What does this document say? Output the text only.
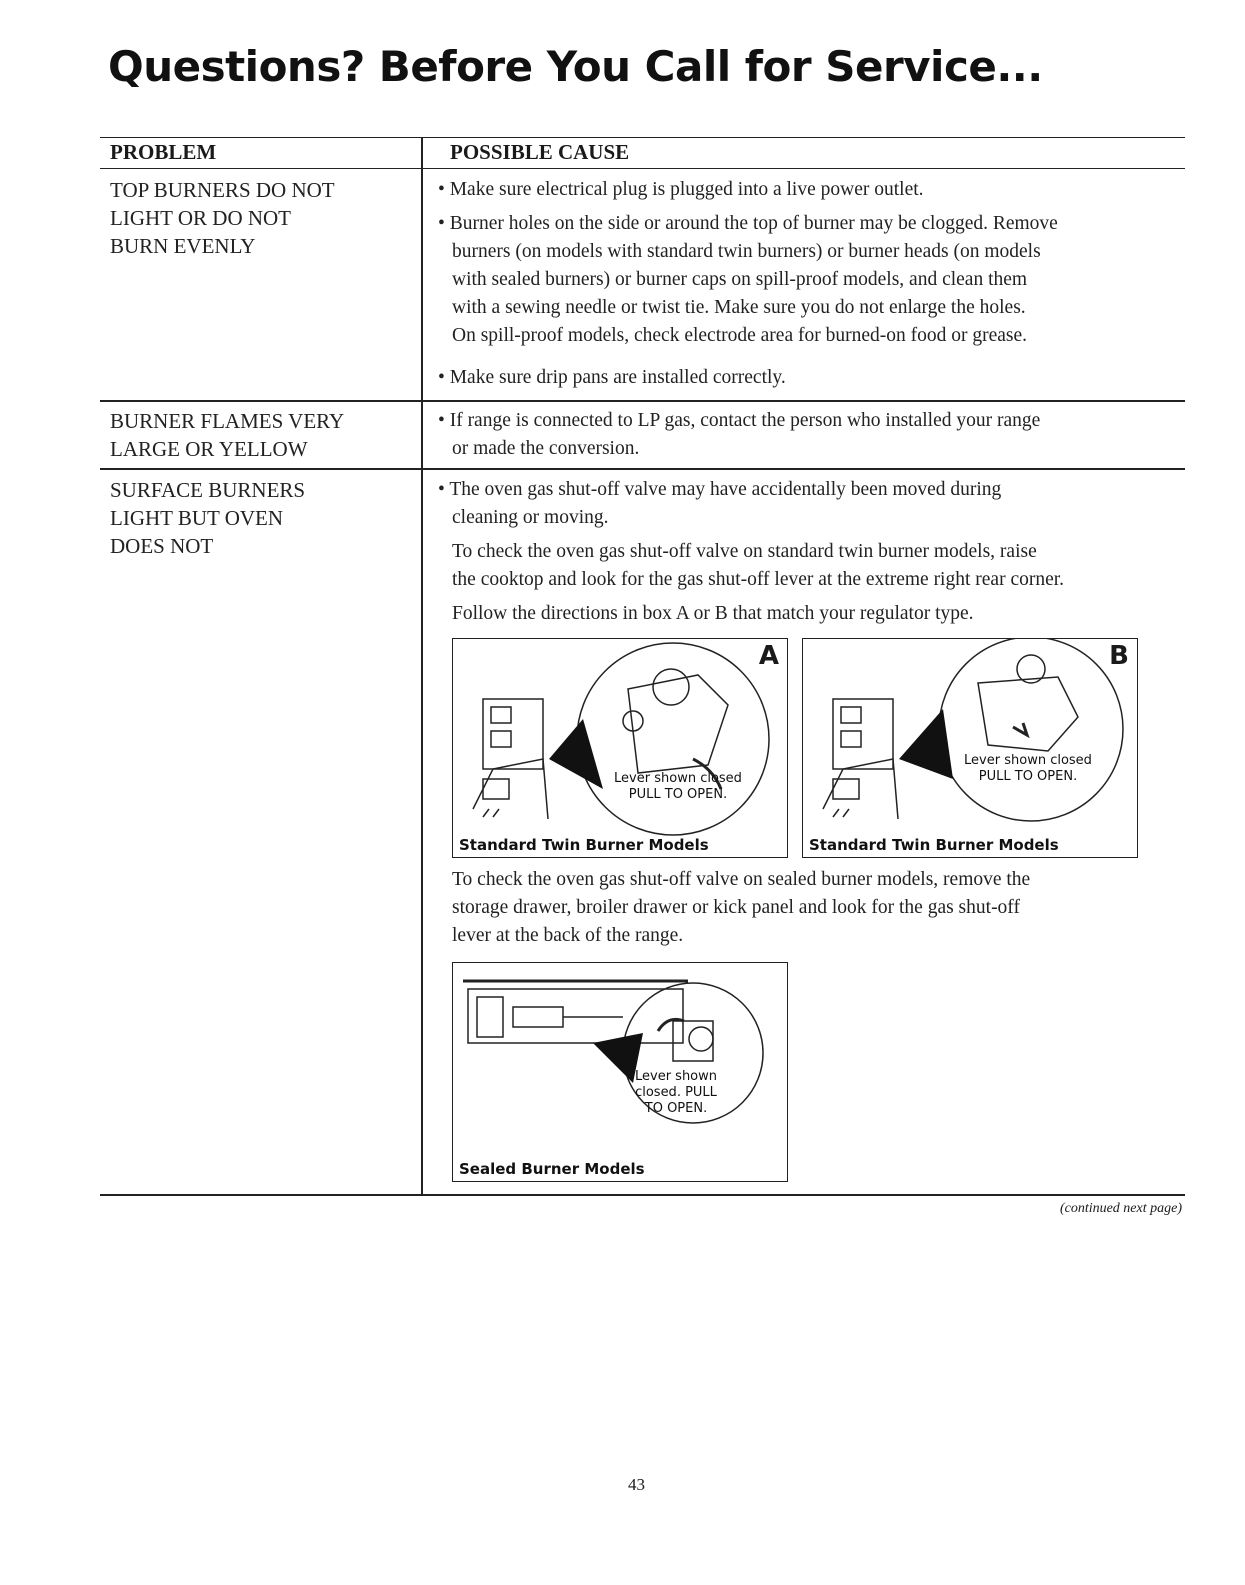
Questions? Before You Call for Service...
PROBLEM	POSSIBLE CAUSE

TOP BURNERS DO NOT
LIGHT OR DO NOT
BURN EVENLY

• Make sure electrical plug is plugged into a live power outlet.

• Burner holes on the side or around the top of burner may be clogged. Remove

burners (on models with standard twin burners) or burner heads (on models

with sealed burners) or burner caps on spill-proof models, and clean them

with a sewing needle or twist tie. Make sure you do not enlarge the holes.

On spill-proof models, check electrode area for burned-on food or grease.

• Make sure drip pans are installed correctly.

BURNER FLAMES VERY
LARGE OR YELLOW

• If range is connected to LP gas, contact the person who installed your range

or made the conversion.

SURFACE BURNERS
LIGHT BUT OVEN
DOES NOT

• The oven gas shut-off valve may have accidentally been moved during

cleaning or moving.

To check the oven gas shut-off valve on standard twin burner models, raise

the cooktop and look for the gas shut-off lever at the extreme right rear corner.

Follow the directions in box A or B that match your regulator type.

A
Lever shown closed
PULL TO OPEN.
Standard Twin Burner Models
B
Lever shown closed
PULL TO OPEN.
Standard Twin Burner Models

To check the oven gas shut-off valve on sealed burner models, remove the

storage drawer, broiler drawer or kick panel and look for the gas shut-off

lever at the back of the range.

Lever shown
closed. PULL
TO OPEN.
Sealed Burner Models
(continued next page)
43
